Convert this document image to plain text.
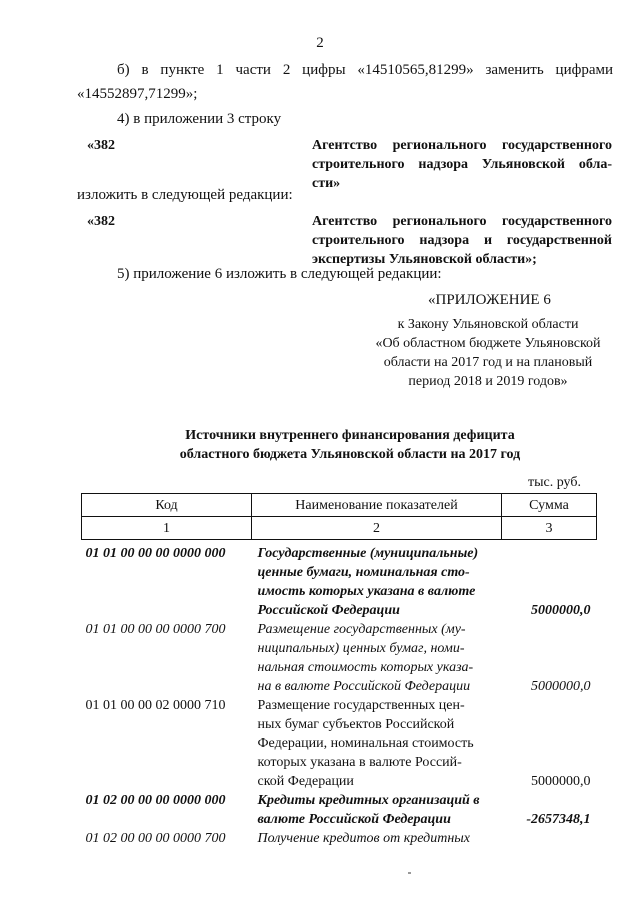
2
б) в пункте 1 части 2 цифры «14510565,81299» заменить цифрами
«14552897,71299»;
4) в приложении 3 строку
«382	Агентство регионального государственного
строительного надзора Ульяновской обла-
сти»
изложить в следующей редакции:
«382	Агентство регионального государственного
строительного надзора и государственной
экспертизы Ульяновской области»;
5) приложение 6 изложить в следующей редакции:
«ПРИЛОЖЕНИЕ 6
к Закону Ульяновской области
«Об областном бюджете Ульяновской
области на 2017 год и на плановый
период 2018 и 2019 годов»
Источники внутреннего финансирования дефицита
областного бюджета Ульяновской области на 2017 год
тыс. руб.
Код	Наименование показателей	Сумма
1	2	3
01 01 00 00 00 0000 000	Государственные (муниципальные)
ценные бумаги, номинальная сто-
имость которых указана в валюте
Российской Федерации	5000000,0
01 01 00 00 00 0000 700	Размещение государственных (му-
ниципальных) ценных бумаг, номи-
нальная стоимость которых указа-
на в валюте Российской Федерации	5000000,0
01 01 00 00 02 0000 710	Размещение государственных цен-
ных бумаг субъектов Российской
Федерации, номинальная стоимость
которых указана в валюте Россий-
ской Федерации	5000000,0
01 02 00 00 00 0000 000	Кредиты кредитных организаций в
валюте Российской Федерации	-2657348,1
01 02 00 00 00 0000 700	Получение кредитов от кредитных	
